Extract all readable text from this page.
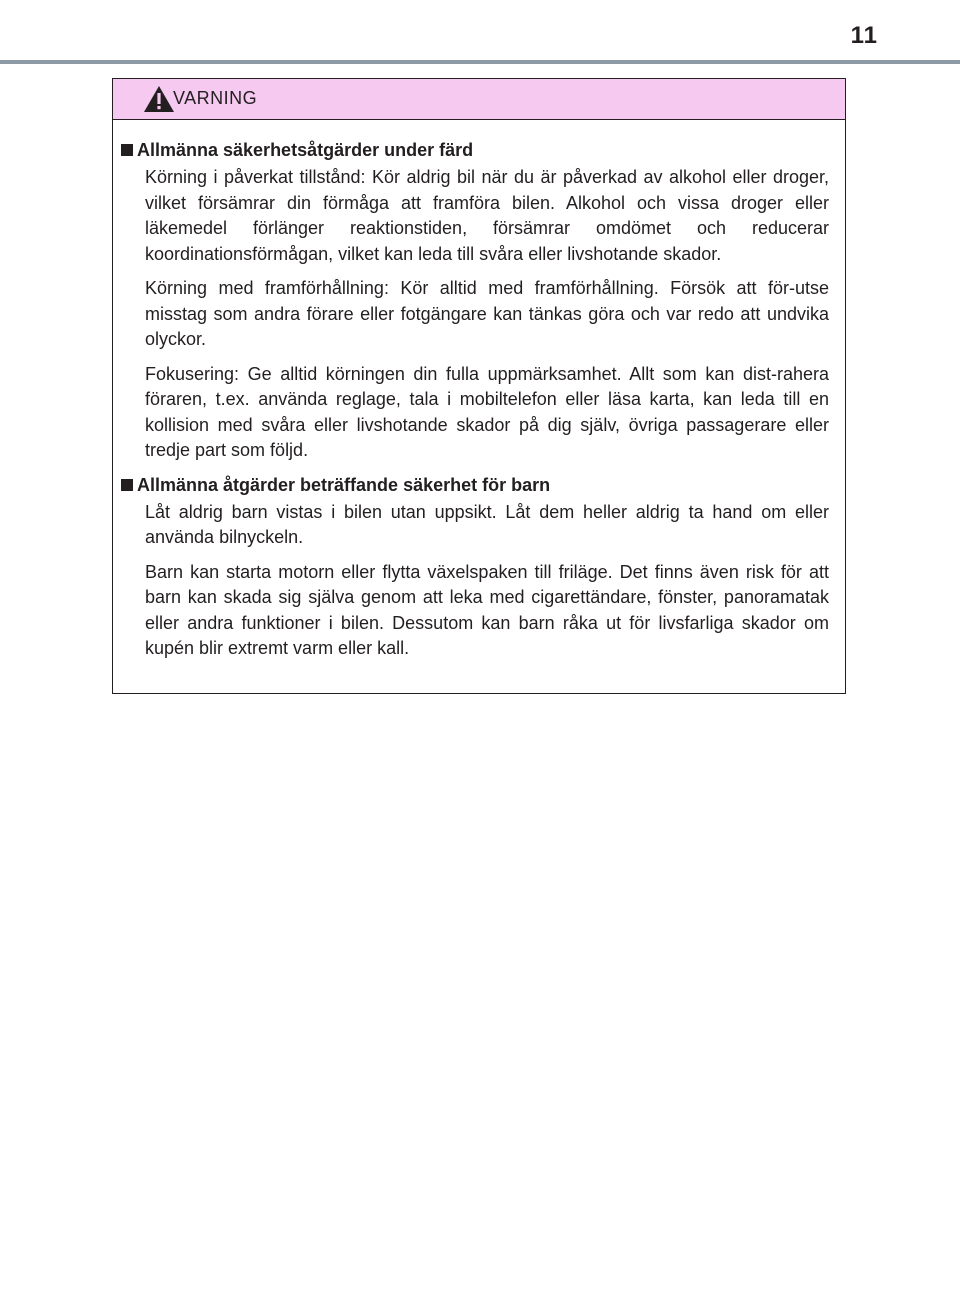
11
VARNING
Allmänna säkerhetsåtgärder under färd

Körning i påverkat tillstånd: Kör aldrig bil när du är påverkad av alkohol eller droger, vilket försämrar din förmåga att framföra bilen. Alkohol och vissa droger eller läkemedel förlänger reaktionstiden, försämrar omdömet och reducerar koordinationsförmågan, vilket kan leda till svåra eller livshotande skador.

Körning med framförhållning: Kör alltid med framförhållning. Försök att för-utse misstag som andra förare eller fotgängare kan tänkas göra och var redo att undvika olyckor.

Fokusering: Ge alltid körningen din fulla uppmärksamhet. Allt som kan dist-rahera föraren, t.ex. använda reglage, tala i mobiltelefon eller läsa karta, kan leda till en kollision med svåra eller livshotande skador på dig själv, övriga passagerare eller tredje part som följd.

Allmänna åtgärder beträffande säkerhet för barn

Låt aldrig barn vistas i bilen utan uppsikt. Låt dem heller aldrig ta hand om eller använda bilnyckeln.

Barn kan starta motorn eller flytta växelspaken till friläge. Det finns även risk för att barn kan skada sig själva genom att leka med cigarettändare, fönster, panoramatak eller andra funktioner i bilen. Dessutom kan barn råka ut för livsfarliga skador om kupén blir extremt varm eller kall.
